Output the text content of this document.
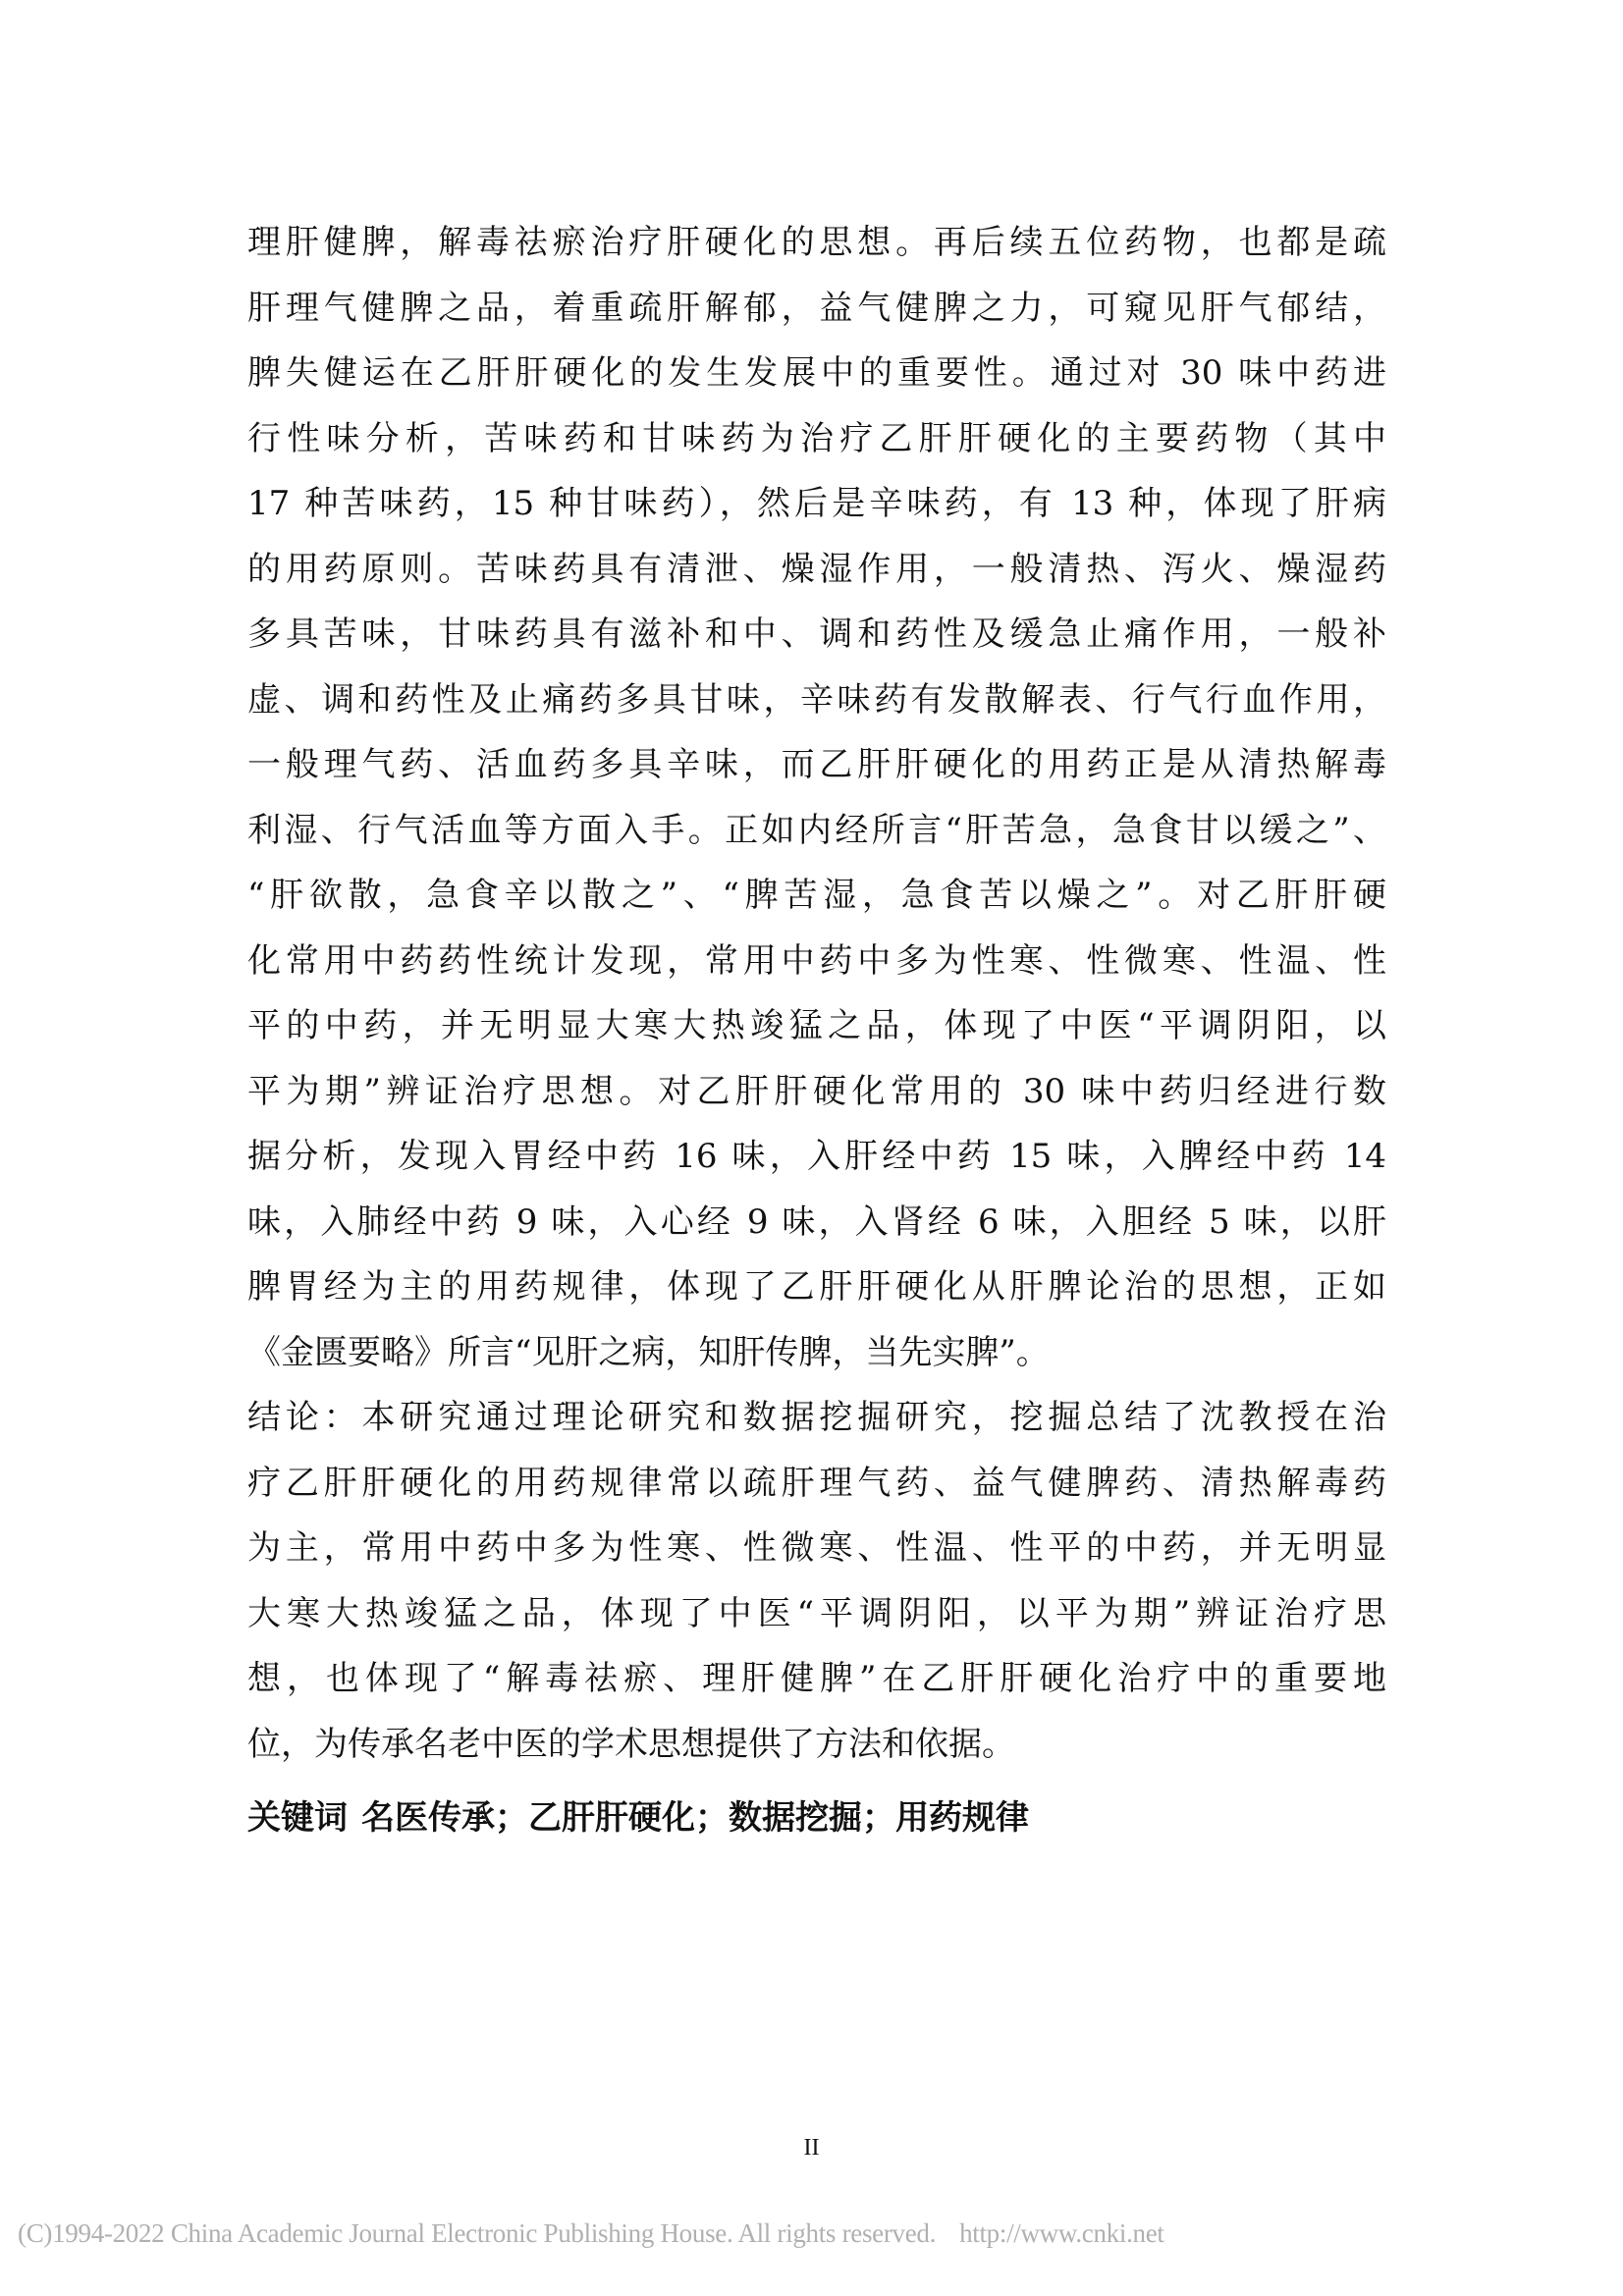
理肝健脾，解毒祛瘀治疗肝硬化的思想。再后续五位药物，也都是疏
肝理气健脾之品，着重疏肝解郁，益气健脾之力，可窥见肝气郁结，
脾失健运在乙肝肝硬化的发生发展中的重要性。通过对 30 味中药进
行性味分析，苦味药和甘味药为治疗乙肝肝硬化的主要药物（其中
17 种苦味药，15 种甘味药），然后是辛味药，有 13 种，体现了肝病
的用药原则。苦味药具有清泄、燥湿作用，一般清热、泻火、燥湿药
多具苦味，甘味药具有滋补和中、调和药性及缓急止痛作用，一般补
虚、调和药性及止痛药多具甘味，辛味药有发散解表、行气行血作用，
一般理气药、活血药多具辛味，而乙肝肝硬化的用药正是从清热解毒
利湿、行气活血等方面入手。正如内经所言“肝苦急，急食甘以缓之”、
“肝欲散，急食辛以散之”、“脾苦湿，急食苦以燥之”。对乙肝肝硬
化常用中药药性统计发现，常用中药中多为性寒、性微寒、性温、性
平的中药，并无明显大寒大热竣猛之品，体现了中医“平调阴阳，以
平为期”辨证治疗思想。对乙肝肝硬化常用的 30 味中药归经进行数
据分析，发现入胃经中药 16 味，入肝经中药 15 味，入脾经中药 14
味，入肺经中药 9 味，入心经 9 味，入肾经 6 味，入胆经 5 味，以肝
脾胃经为主的用药规律，体现了乙肝肝硬化从肝脾论治的思想，正如
《金匮要略》所言“见肝之病，知肝传脾，当先实脾”。
结论：本研究通过理论研究和数据挖掘研究，挖掘总结了沈教授在治
疗乙肝肝硬化的用药规律常以疏肝理气药、益气健脾药、清热解毒药
为主，常用中药中多为性寒、性微寒、性温、性平的中药，并无明显
大寒大热竣猛之品，体现了中医“平调阴阳，以平为期”辨证治疗思
想，也体现了“解毒祛瘀、理肝健脾”在乙肝肝硬化治疗中的重要地
位，为传承名老中医的学术思想提供了方法和依据。
关键词 名医传承；乙肝肝硬化；数据挖掘；用药规律
II
(C)1994-2022 China Academic Journal Electronic Publishing House. All rights reserved. http://www.cnki.net
